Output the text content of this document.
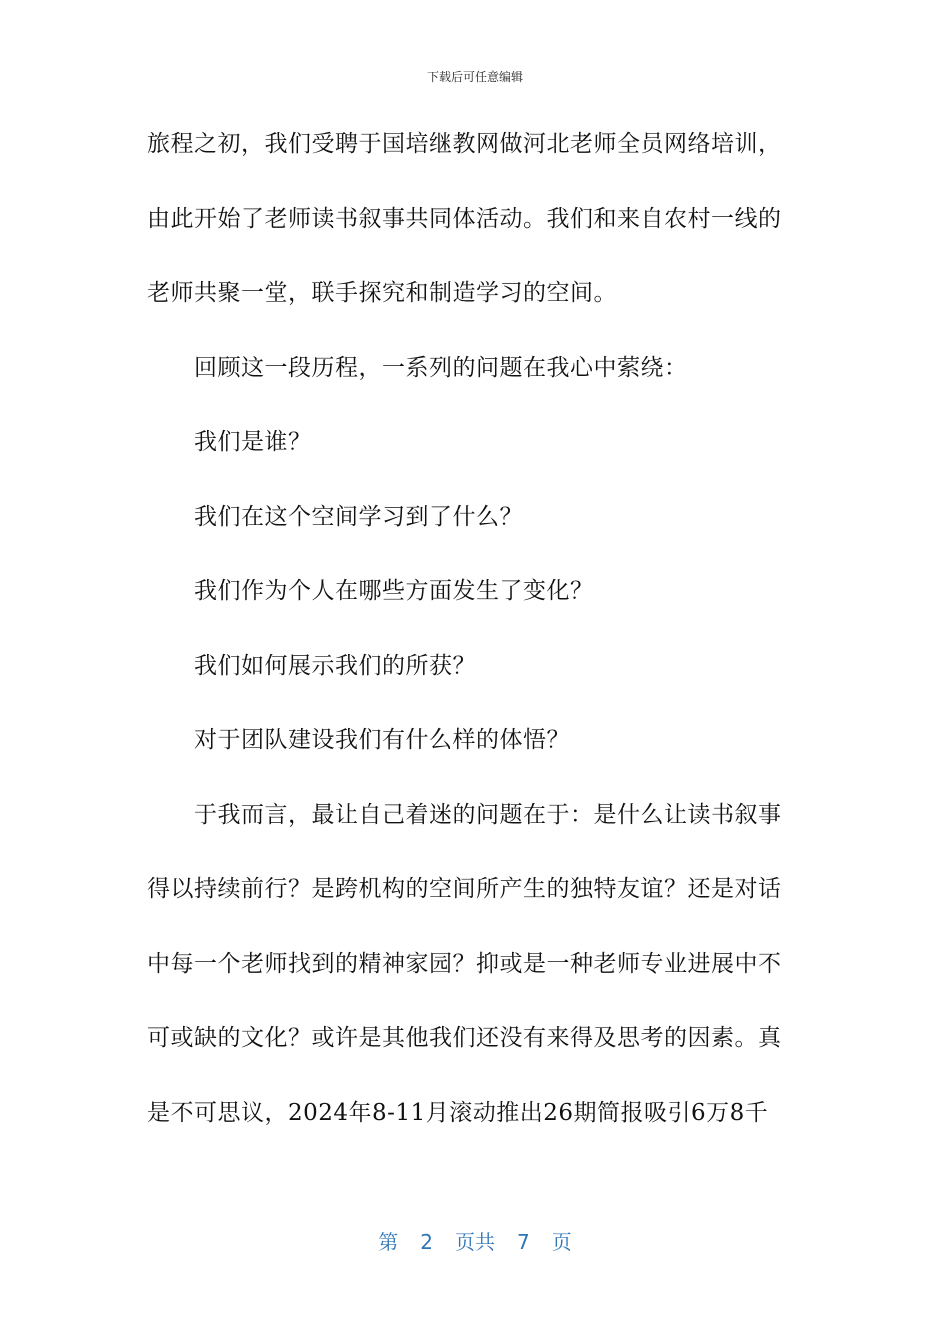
下载后可任意编辑

旅程之初，我们受聘于国培继教网做河北老师全员网络培训，

由此开始了老师读书叙事共同体活动。我们和来自农村一线的

老师共聚一堂，联手探究和制造学习的空间。

回顾这一段历程，一系列的问题在我心中萦绕：

我们是谁？

我们在这个空间学习到了什么？

我们作为个人在哪些方面发生了变化？

我们如何展示我们的所获？

对于团队建设我们有什么样的体悟？

于我而言，最让自己着迷的问题在于：是什么让读书叙事

得以持续前行？是跨机构的空间所产生的独特友谊？还是对话

中每一个老师找到的精神家园？抑或是一种老师专业进展中不

可或缺的文化？或许是其他我们还没有来得及思考的因素。真

是不可思议，2024年8-11月滚动推出26期简报吸引6万8千

第 2 页共 7 页
